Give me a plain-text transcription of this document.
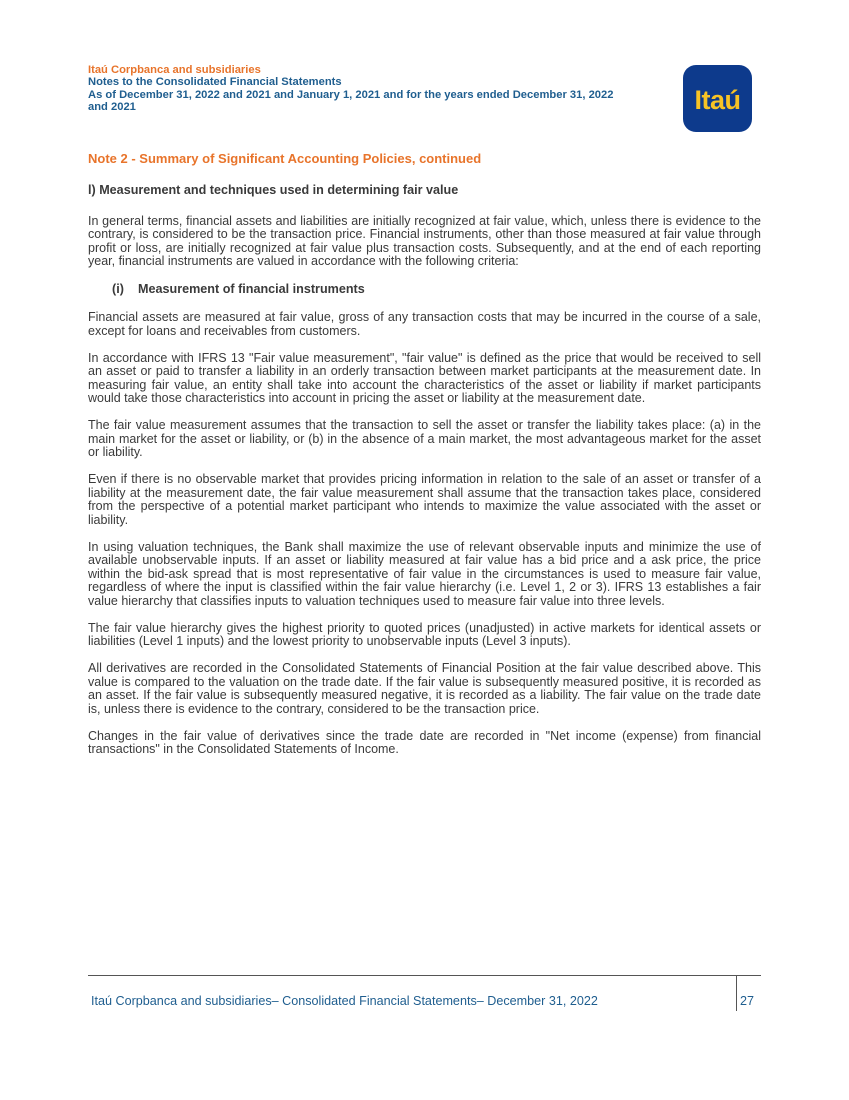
Itaú Corpbanca and subsidiaries

Notes to the Consolidated Financial Statements

As of December 31, 2022 and 2021 and January 1, 2021 and for the years ended December 31, 2022

and 2021	Itaú

Note 2 - Summary of Significant Accounting Policies, continued

l) Measurement and techniques used in determining fair value

In general terms, financial assets and liabilities are initially recognized at fair value, which, unless there is evidence to the contrary, is considered to be the transaction price. Financial instruments, other than those measured at fair value through profit or loss, are initially recognized at fair value plus transaction costs. Subsequently, and at the end of each reporting year, financial instruments are valued in accordance with the following criteria:

(i) Measurement of financial instruments

Financial assets are measured at fair value, gross of any transaction costs that may be incurred in the course of a sale, except for loans and receivables from customers.

In accordance with IFRS 13 "Fair value measurement", "fair value" is defined as the price that would be received to sell an asset or paid to transfer a liability in an orderly transaction between market participants at the measurement date. In measuring fair value, an entity shall take into account the characteristics of the asset or liability if market participants would take those characteristics into account in pricing the asset or liability at the measurement date.

The fair value measurement assumes that the transaction to sell the asset or transfer the liability takes place: (a) in the main market for the asset or liability, or (b) in the absence of a main market, the most advantageous market for the asset or liability.

Even if there is no observable market that provides pricing information in relation to the sale of an asset or transfer of a liability at the measurement date, the fair value measurement shall assume that the transaction takes place, considered from the perspective of a potential market participant who intends to maximize the value associated with the asset or liability.

In using valuation techniques, the Bank shall maximize the use of relevant observable inputs and minimize the use of available unobservable inputs. If an asset or liability measured at fair value has a bid price and a ask price, the price within the bid-ask spread that is most representative of fair value in the circumstances is used to measure fair value, regardless of where the input is classified within the fair value hierarchy (i.e. Level 1, 2 or 3). IFRS 13 establishes a fair value hierarchy that classifies inputs to valuation techniques used to measure fair value into three levels.

The fair value hierarchy gives the highest priority to quoted prices (unadjusted) in active markets for identical assets or liabilities (Level 1 inputs) and the lowest priority to unobservable inputs (Level 3 inputs).

All derivatives are recorded in the Consolidated Statements of Financial Position at the fair value described above. This value is compared to the valuation on the trade date. If the fair value is subsequently measured positive, it is recorded as an asset. If the fair value is subsequently measured negative, it is recorded as a liability. The fair value on the trade date is, unless there is evidence to the contrary, considered to be the transaction price.

Changes in the fair value of derivatives since the trade date are recorded in "Net income (expense) from financial transactions" in the Consolidated Statements of Income.

Itaú Corpbanca and subsidiaries– Consolidated Financial Statements– December 31, 2022	27
